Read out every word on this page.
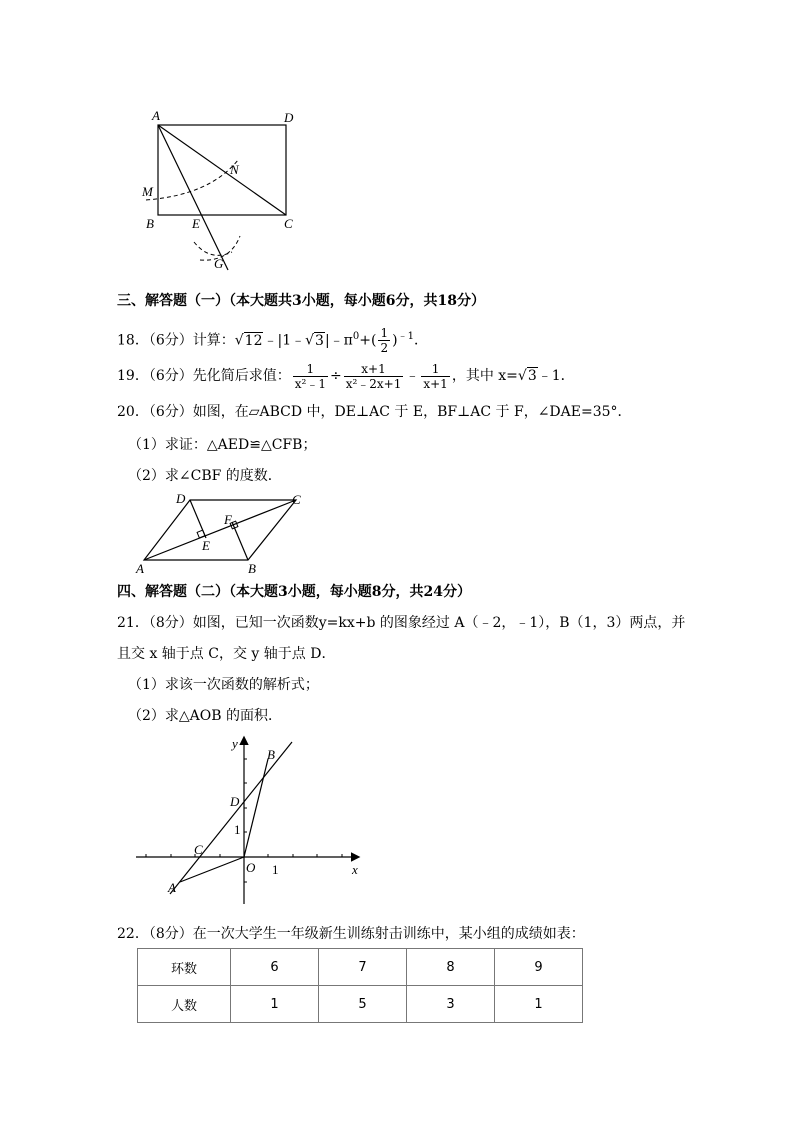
A	D
B	C
E
M
N
G
三、解答题（一）（本大题共3小题，每小题6分，共18分）
18．（6分）计算：$√12﹣|1﹣√3|﹣\pi^0+( \frac{1}{2} )^{﹣1}$．
19．（6分）先化简后求值： $\frac{1}{\text{x²﹣1}} \div \frac{x+1}{\text{x²﹣2x+1}}$ ﹣ $\frac{1}{x+1}$ ，其中 x=√3﹣1．
20．（6分）如图，在▱ABCD 中，DE⊥AC 于 E，BF⊥AC 于 F，∠DAE=35°．
（1）求证：△AED≌△CFB；
（2）求∠CBF 的度数．
A	B
C
D
E
F
四、解答题（二）（本大题3小题，每小题8分，共24分）
21．（8分）如图，已知一次函数y=kx+b 的图象经过 A（﹣2，﹣1），B（1，3）两点，并
且交 x 轴于点 C，交 y 轴于点 D．
（1）求该一次函数的解析式；
（2）求△AOB 的面积．
y
x
B
D
1
C
O 1
A
22．（8分）在一次大学生一年级新生训练射击训练中，某小组的成绩如表：
环数	6	7	8	9
人数	1	5	3	1
